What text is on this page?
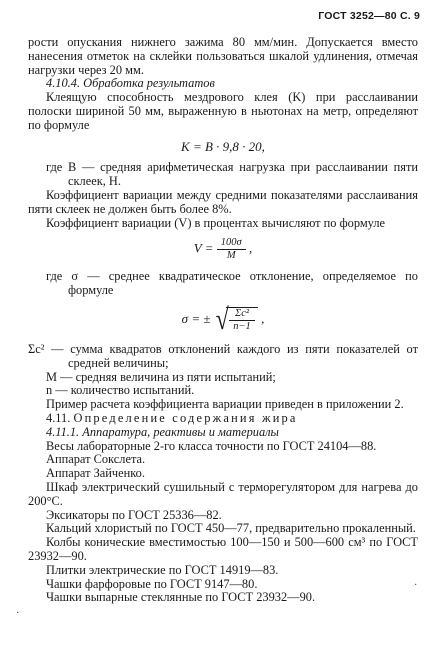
ГОСТ 3252—80 С. 9

рости опускания нижнего зажима 80 мм/мин. Допускается вместо нанесения отметок на склейки пользоваться шкалой удлинения, отмечая нагрузки через 20 мм.

4.10.4. Обработка результатов

Клеящую способность мездрового клея (K) при расслаивании полоски шириной 50 мм, выраженную в ньютонах на метр, определяют по формуле

K = B · 9,8 · 20,

где B — средняя арифметическая нагрузка при расслаивании пяти склеек, Н.

Коэффициент вариации между средними показателями расслаивания пяти склеек не должен быть более 8%.

Коэффициент вариации (V) в процентах вычисляют по формуле

$V = \frac{100\sigma}{M}$ ,

где σ — среднее квадратическое отклонение, определяемое по формуле

σ = ± √ $\frac{\text{Σc²}}{n-1}$ ,

Σc² — сумма квадратов отклонений каждого из пяти показателей от средней величины;

M — средняя величина из пяти испытаний;

n — количество испытаний.

Пример расчета коэффициента вариации приведен в приложении 2.

4.11. Определение содержания жира

4.11.1. Аппаратура, реактивы и материалы

Весы лабораторные 2-го класса точности по ГОСТ 24104—88.

Аппарат Сокслета.

Аппарат Зайченко.

Шкаф электрический сушильный с терморегулятором для нагрева до 200°С.

Эксикаторы по ГОСТ 25336—82.

Кальций хлористый по ГОСТ 450—77, предварительно прокаленный.

Колбы конические вместимостью 100—150 и 500—600 см³ по ГОСТ 23932—90.

Плитки электрические по ГОСТ 14919—83.

Чашки фарфоровые по ГОСТ 9147—80.

Чашки выпарные стеклянные по ГОСТ 23932—90.

·
·
